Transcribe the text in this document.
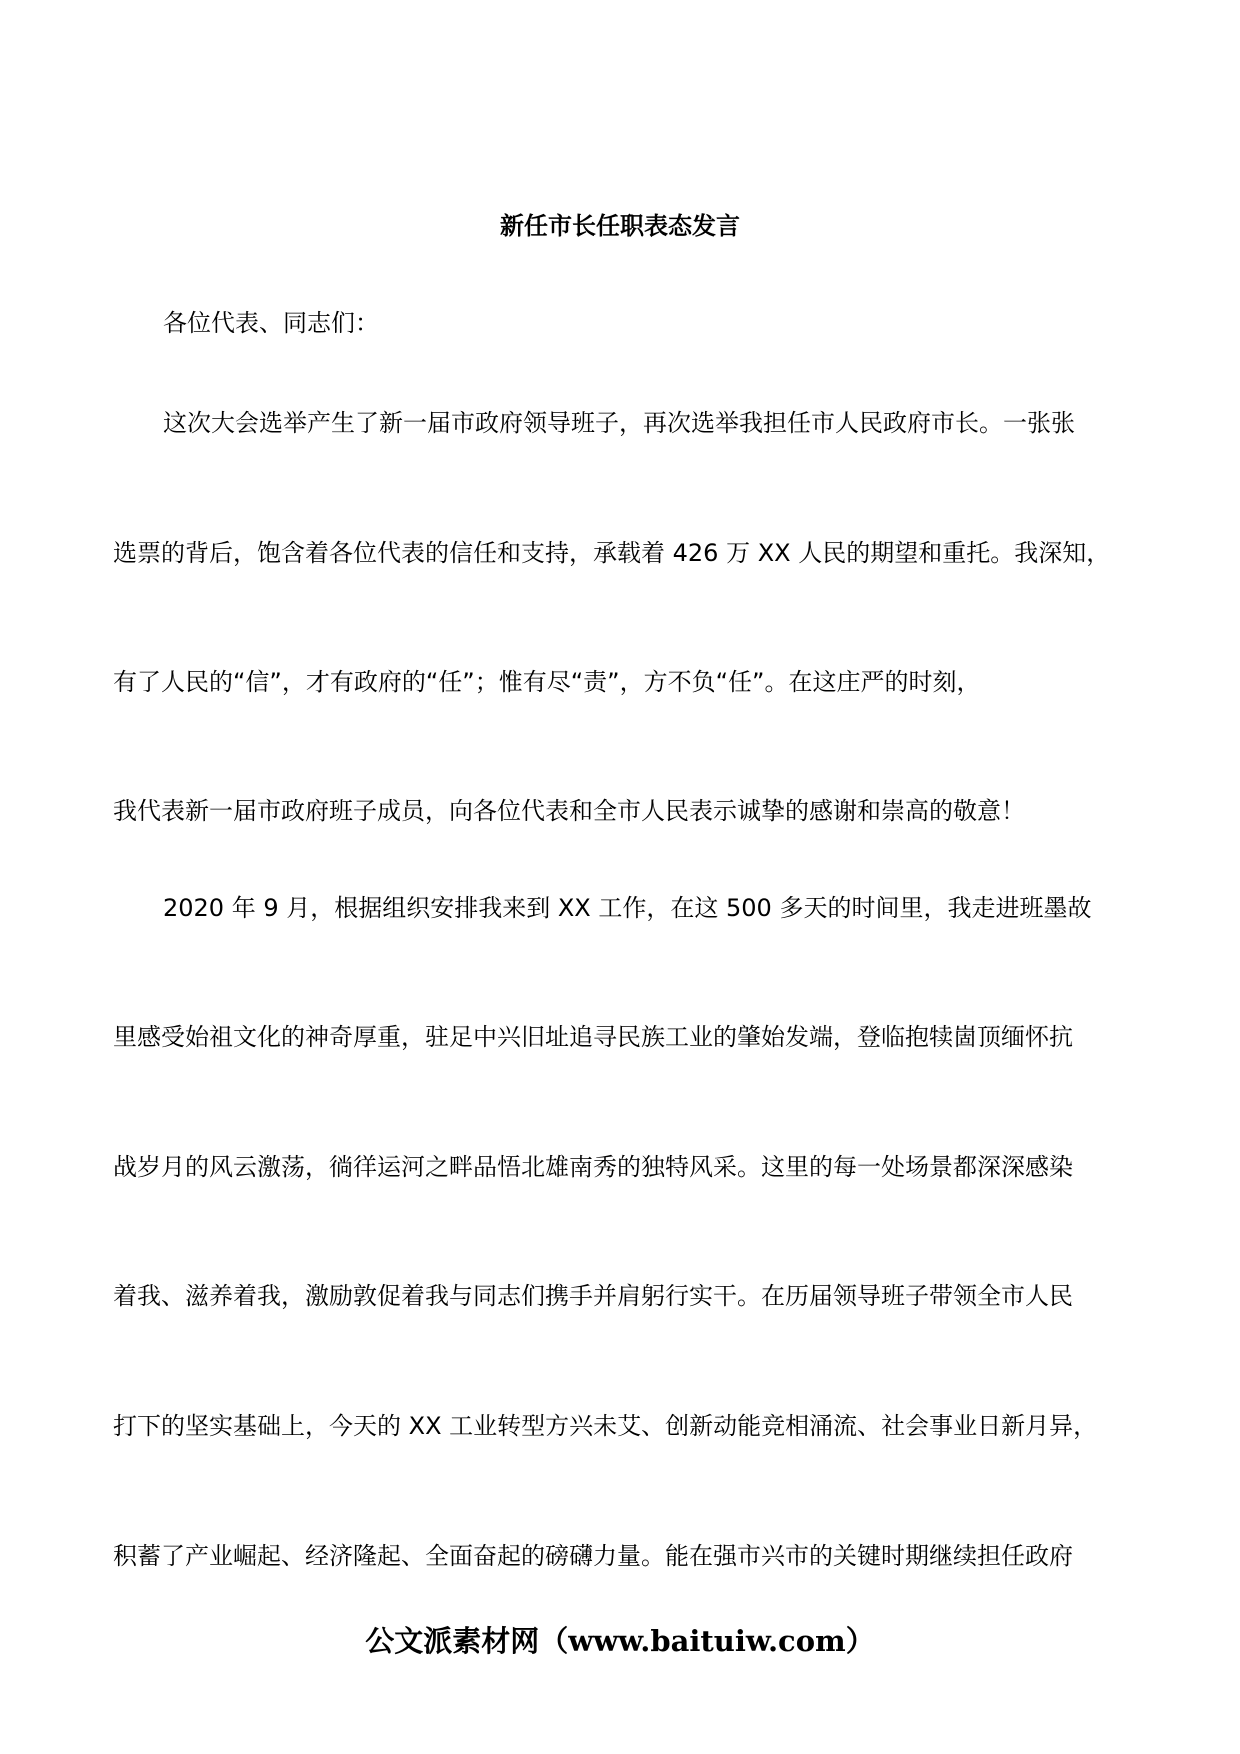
新任市长任职表态发言
各位代表、同志们：
这次大会选举产生了新一届市政府领导班子，再次选举我担任市人民政府市长。一张张
选票的背后，饱含着各位代表的信任和支持，承载着 426 万 XX 人民的期望和重托。我深知，
有了人民的“信”，才有政府的“任”；惟有尽“责”，方不负“任”。在这庄严的时刻，
我代表新一届市政府班子成员，向各位代表和全市人民表示诚挚的感谢和崇高的敬意！
2020 年 9 月，根据组织安排我来到 XX 工作，在这 500 多天的时间里，我走进班墨故
里感受始祖文化的神奇厚重，驻足中兴旧址追寻民族工业的肇始发端，登临抱犊崮顶缅怀抗
战岁月的风云激荡，徜徉运河之畔品悟北雄南秀的独特风采。这里的每一处场景都深深感染
着我、滋养着我，激励敦促着我与同志们携手并肩躬行实干。在历届领导班子带领全市人民
打下的坚实基础上，今天的 XX 工业转型方兴未艾、创新动能竞相涌流、社会事业日新月异，
积蓄了产业崛起、经济隆起、全面奋起的磅礴力量。能在强市兴市的关键时期继续担任政府
公文派素材网（www.baituiw.com）
